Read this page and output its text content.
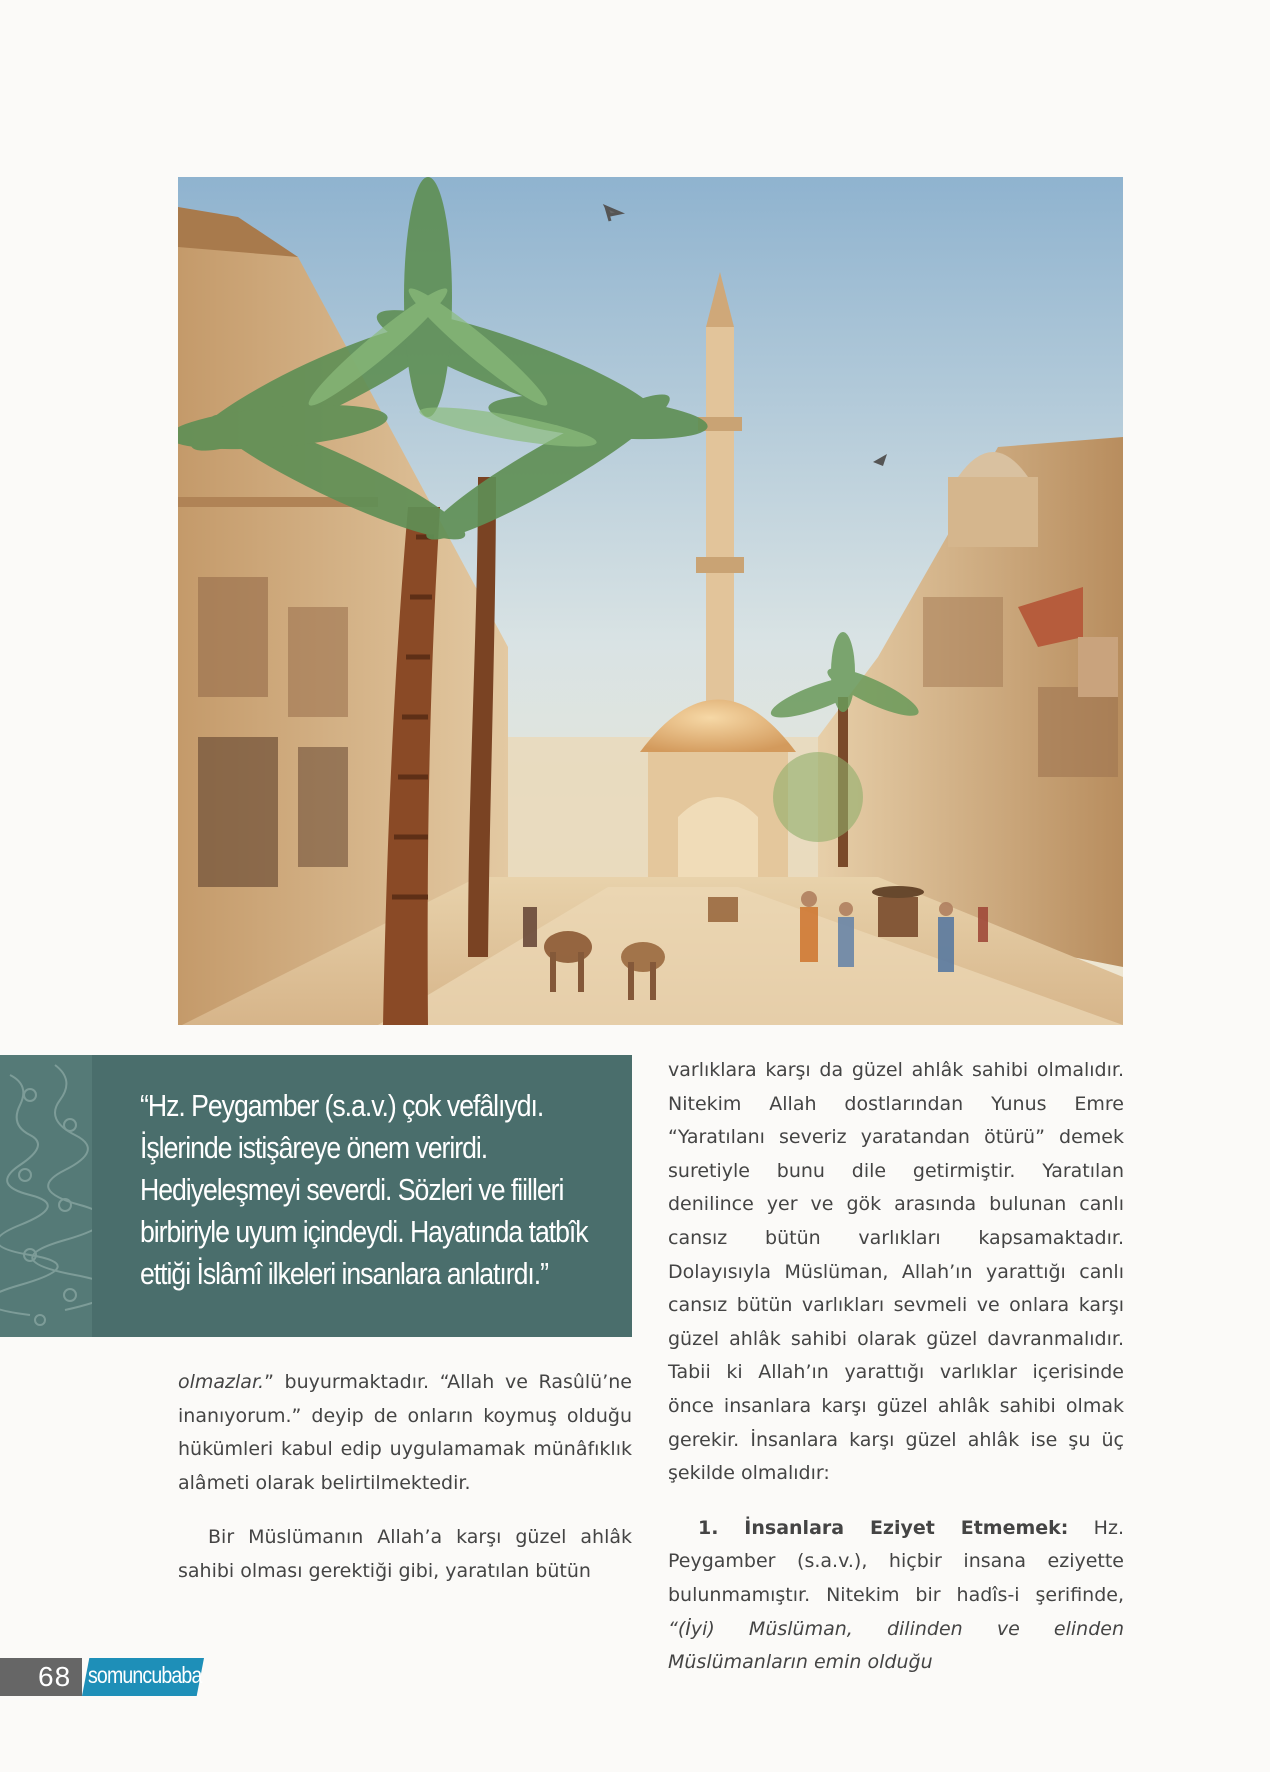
“Hz. Peygamber (s.a.v.) çok vefâlıydı. İşlerinde istişâreye önem verirdi. Hediyeleşmeyi severdi. Sözleri ve fiilleri birbiriyle uyum içindeydi. Hayatında tatbîk ettiği İslâmî ilkeleri insanlara anlatırdı.”

olmazlar.” buyurmaktadır. “Allah ve Rasûlü’ne inanıyorum.” deyip de onların koymuş olduğu hükümleri kabul edip uygulamamak münâfıklık alâmeti olarak belirtilmektedir.

Bir Müslümanın Allah’a karşı güzel ahlâk sahibi olması gerektiği gibi, yaratılan bütün

varlıklara karşı da güzel ahlâk sahibi olmalıdır. Nitekim Allah dostlarından Yunus Emre “Yaratılanı severiz yaratandan ötürü” demek suretiyle bunu dile getirmiştir. Yaratılan denilince yer ve gök arasında bulunan canlı cansız bütün varlıkları kapsamaktadır. Dolayısıyla Müslüman, Allah’ın yarattığı canlı cansız bütün varlıkları sevmeli ve onlara karşı güzel ahlâk sahibi olarak güzel davranmalıdır. Tabii ki Allah’ın yarattığı varlıklar içerisinde önce insanlara karşı güzel ahlâk sahibi olmak gerekir. İnsanlara karşı güzel ahlâk ise şu üç şekilde olmalıdır:

1. İnsanlara Eziyet Etmemek: Hz. Peygamber (s.a.v.), hiçbir insana eziyette bulunmamıştır. Nitekim bir hadîs-i şerifinde, “(İyi) Müslüman, dilinden ve elinden Müslümanların emin olduğu

68 somuncubaba
